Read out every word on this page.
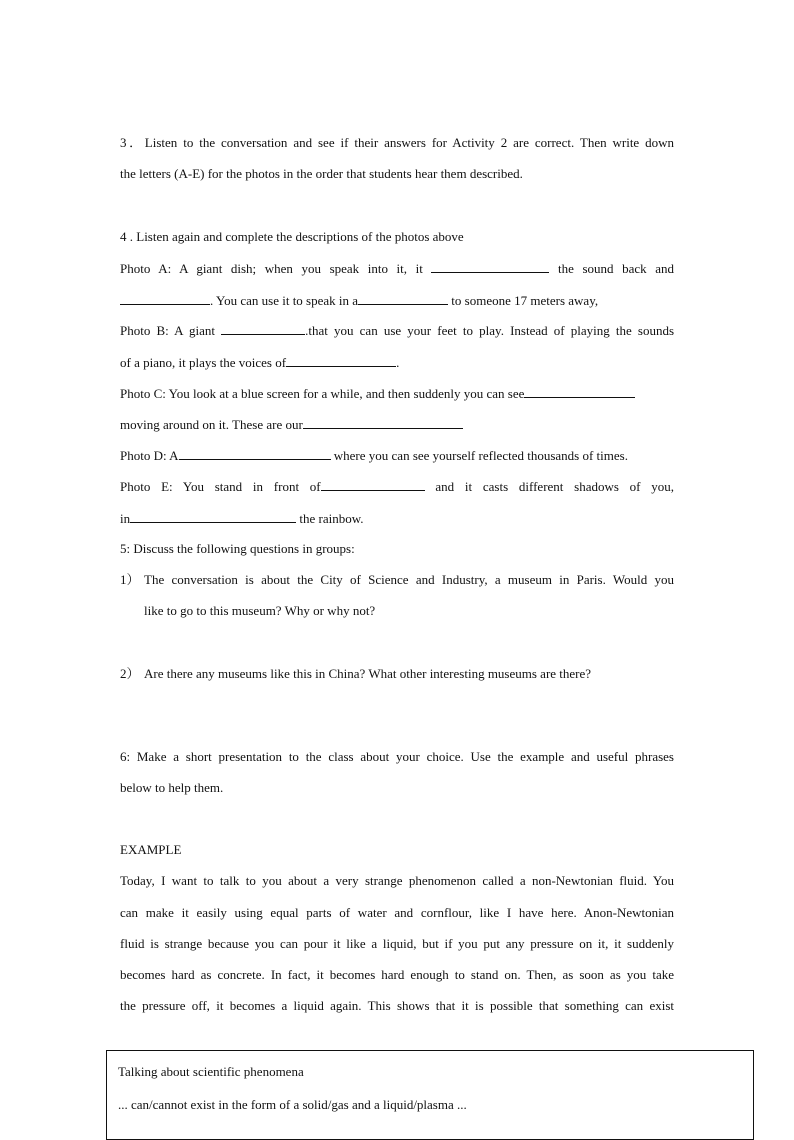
3．Listen to the conversation and see if their answers for Activity 2 are correct. Then write down
the letters (A-E) for the photos in the order that students hear them described.
4 . Listen again and complete the descriptions of the photos above
Photo A: A giant dish; when you speak into it, it	the sound back and
. You can use it to speak in a	to someone 17 meters away,
Photo B: A giant	.that you can use your feet to play. Instead of playing the sounds
of a piano, it plays the voices of	.
Photo C: You look at a blue screen for a while, and then suddenly you can see
moving around on it. These are our
Photo D: A	where you can see yourself reflected thousands of times.
Photo E: You stand in front of	and it casts different shadows of you,
in	the rainbow.
5: Discuss the following questions in groups:
1） The conversation is about the City of Science and Industry, a museum in Paris. Would you
like to go to this museum? Why or why not?
2） Are there any museums like this in China? What other interesting museums are there?
6: Make a short presentation to the class about your choice. Use the example and useful phrases
below to help them.
EXAMPLE
Today, I want to talk to you about a very strange phenomenon called a non-Newtonian fluid. You
can make it easily using equal parts of water and cornflour, like I have here. Anon-Newtonian
fluid is strange because you can pour it like a liquid, but if you put any pressure on it, it suddenly
becomes hard as concrete. In fact, it becomes hard enough to stand on. Then, as soon as you take
the pressure off, it becomes a liquid again. This shows that it is possible that something can exist
Talking about scientific phenomena
... can/cannot exist in the form of a solid/gas and a liquid/plasma ...
